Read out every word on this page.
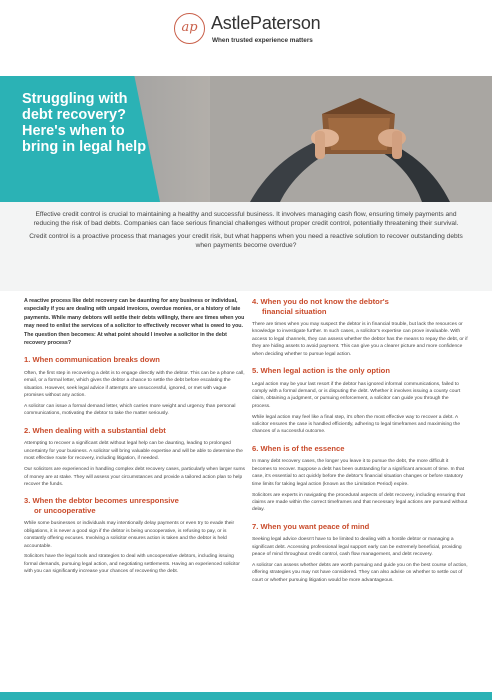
ap AstlePaterson
When trusted experience matters
Struggling with debt recovery? Here's when to bring in legal help

Effective credit control is crucial to maintaining a healthy and successful business. It involves managing cash flow, ensuring timely payments and reducing the risk of bad debts. Companies can face serious financial challenges without proper credit control, potentially threatening their survival.

Credit control is a proactive process that manages your credit risk, but what happens when you need a reactive solution to recover outstanding debts when payments become overdue?

A reactive process like debt recovery can be daunting for any business or individual, especially if you are dealing with unpaid invoices, overdue monies, or a history of late payments. While many debtors will settle their debts willingly, there are times when you may need to enlist the services of a solicitor to effectively recover what is owed to you. The question then becomes: At what point should I involve a solicitor in the debt recovery process?

1. When communication breaks down

Often, the first step in recovering a debt is to engage directly with the debtor. This can be a phone call, email, or a formal letter, which gives the debtor a chance to settle the debt before escalating the situation. However, seek legal advice if attempts are unsuccessful, ignored, or met with vague promises without any action.

A solicitor can issue a formal demand letter, which carries more weight and urgency than personal communications, motivating the debtor to take the matter seriously.

2. When dealing with a substantial debt

Attempting to recover a significant debt without legal help can be daunting, leading to prolonged uncertainty for your business. A solicitor will bring valuable expertise and will be able to determine the most effective route for recovery, including litigation, if needed.

Our solicitors are experienced in handling complex debt recovery cases, particularly when larger sums of money are at stake. They will assess your circumstances and provide a tailored action plan to help recover the funds.

3. When the debtor becomes unresponsive
or uncooperative

While some businesses or individuals may intentionally delay payments or even try to evade their obligations, it is never a good sign if the debtor is being uncooperative, is refusing to pay, or is constantly offering excuses. Involving a solicitor ensures action is taken and the debtor is held accountable.

Solicitors have the legal tools and strategies to deal with uncooperative debtors, including issuing formal demands, pursuing legal action, and negotiating settlements. Having an experienced solicitor with you can significantly increase your chances of recovering the debt.

4. When you do not know the debtor's
financial situation

There are times when you may suspect the debtor is in financial trouble, but lack the resources or knowledge to investigate further. In such cases, a solicitor's expertise can prove invaluable. With access to legal channels, they can assess whether the debtor has the means to repay the debt, or if they are hiding assets to avoid payment. This can give you a clearer picture and more confidence when deciding whether to pursue legal action.

5. When legal action is the only option

Legal action may be your last resort if the debtor has ignored informal communications, failed to comply with a formal demand, or is disputing the debt. Whether it involves issuing a county court claim, obtaining a judgment, or pursuing enforcement, a solicitor can guide you through the process.

While legal action may feel like a final step, it's often the most effective way to recover a debt. A solicitor ensures the case is handled efficiently, adhering to legal timeframes and maximising the chances of a successful outcome.

6. When is of the essence

In many debt recovery cases, the longer you leave it to pursue the debt, the more difficult it becomes to recover. Suppose a debt has been outstanding for a significant amount of time. In that case, it's essential to act quickly before the debtor's financial situation changes or before statutory time limits for taking legal action (known as the Limitation Period) expire.

Solicitors are experts in navigating the procedural aspects of debt recovery, including ensuring that claims are made within the correct timeframes and that necessary legal actions are pursued without delay.

7. When you want peace of mind

Seeking legal advice doesn't have to be limited to dealing with a hostile debtor or managing a significant debt. Accessing professional legal support early can be extremely beneficial, providing peace of mind throughout credit control, cash flow management, and debt recovery.

A solicitor can assess whether debts are worth pursuing and guide you on the best course of action, offering strategies you may not have considered. They can also advise on whether to settle out of court or whether pursuing litigation would be more advantageous.
